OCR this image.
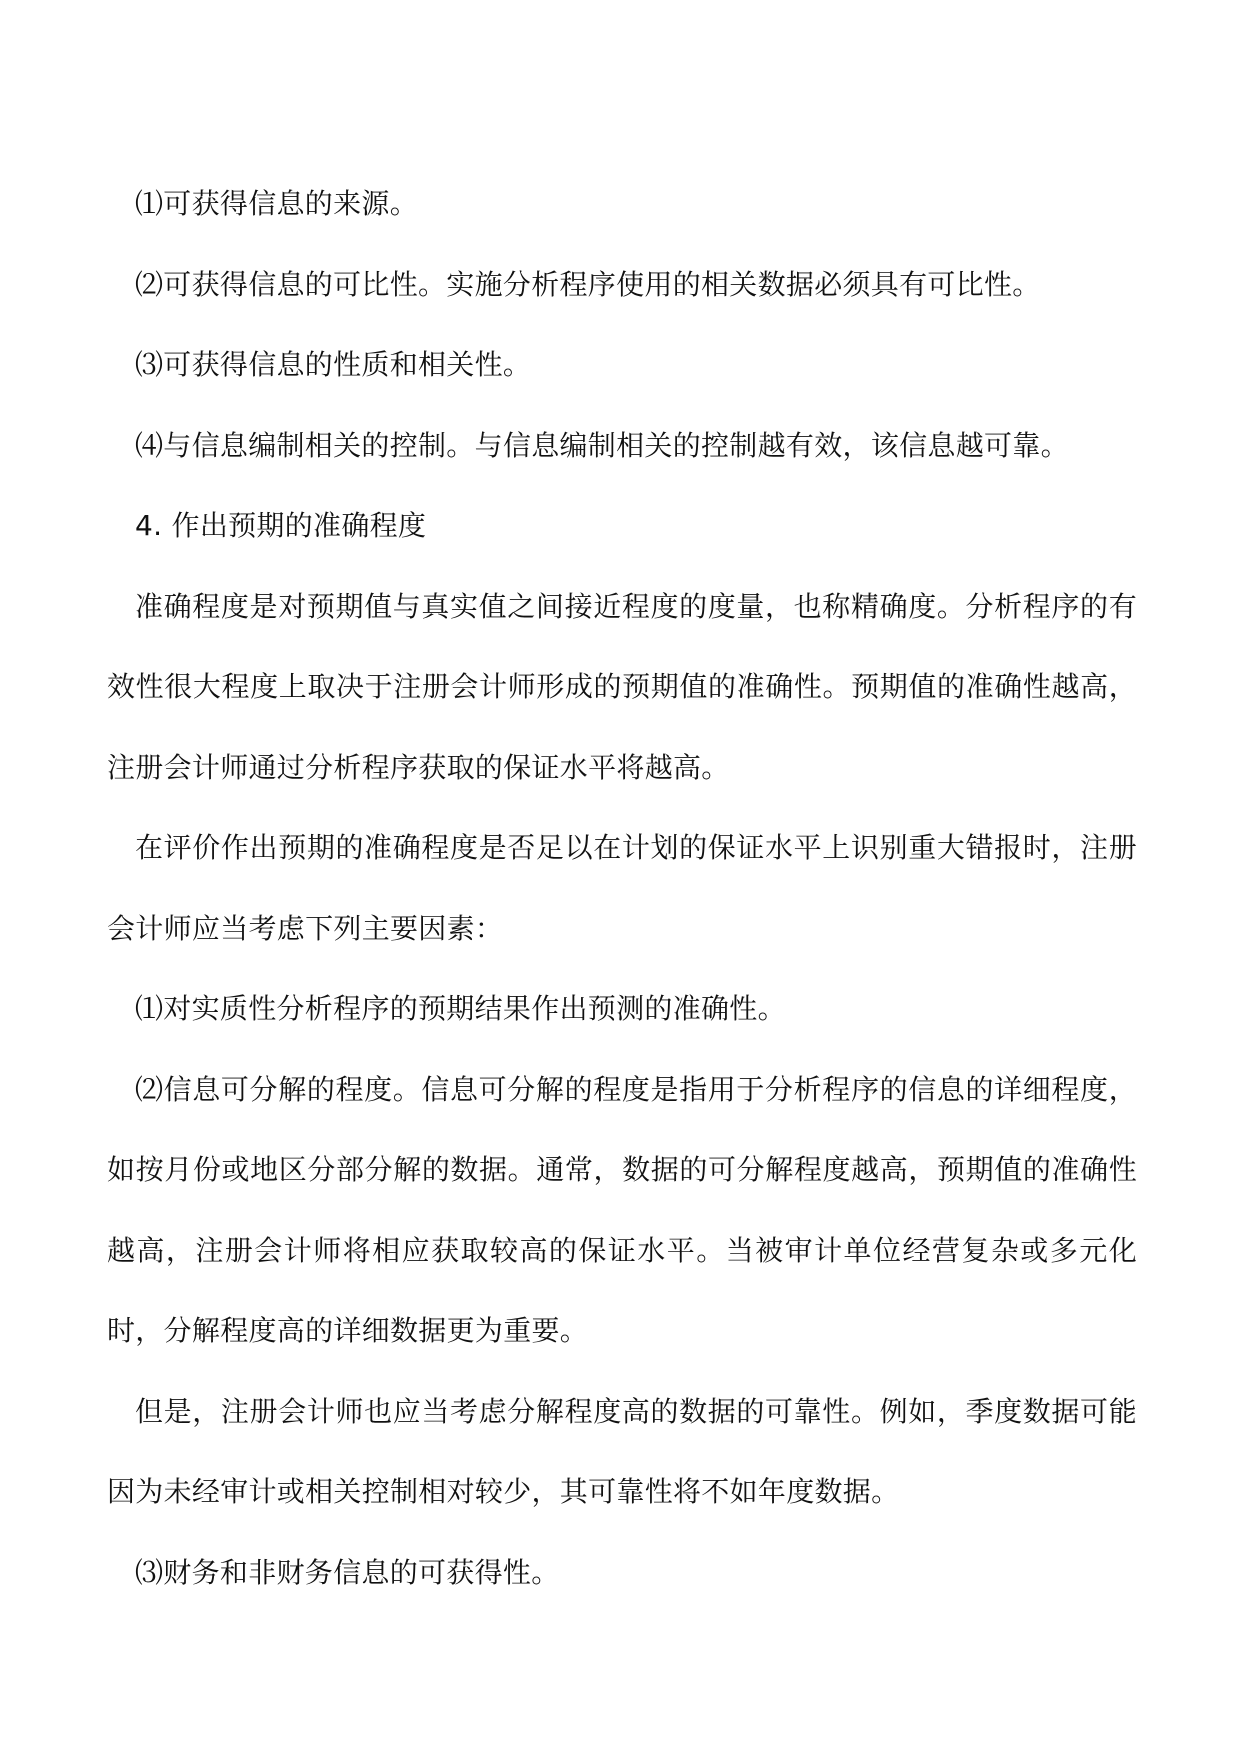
⑴可获得信息的来源。

⑵可获得信息的可比性。实施分析程序使用的相关数据必须具有可比性。

⑶可获得信息的性质和相关性。

⑷与信息编制相关的控制。与信息编制相关的控制越有效，该信息越可靠。

4. 作出预期的准确程度

准确程度是对预期值与真实值之间接近程度的度量，也称精确度。分析程序的有效性很大程度上取决于注册会计师形成的预期值的准确性。预期值的准确性越高，注册会计师通过分析程序获取的保证水平将越高。

在评价作出预期的准确程度是否足以在计划的保证水平上识别重大错报时，注册会计师应当考虑下列主要因素：

⑴对实质性分析程序的预期结果作出预测的准确性。

⑵信息可分解的程度。信息可分解的程度是指用于分析程序的信息的详细程度，如按月份或地区分部分解的数据。通常，数据的可分解程度越高，预期值的准确性越高，注册会计师将相应获取较高的保证水平。当被审计单位经营复杂或多元化时，分解程度高的详细数据更为重要。

但是，注册会计师也应当考虑分解程度高的数据的可靠性。例如，季度数据可能因为未经审计或相关控制相对较少，其可靠性将不如年度数据。

⑶财务和非财务信息的可获得性。
